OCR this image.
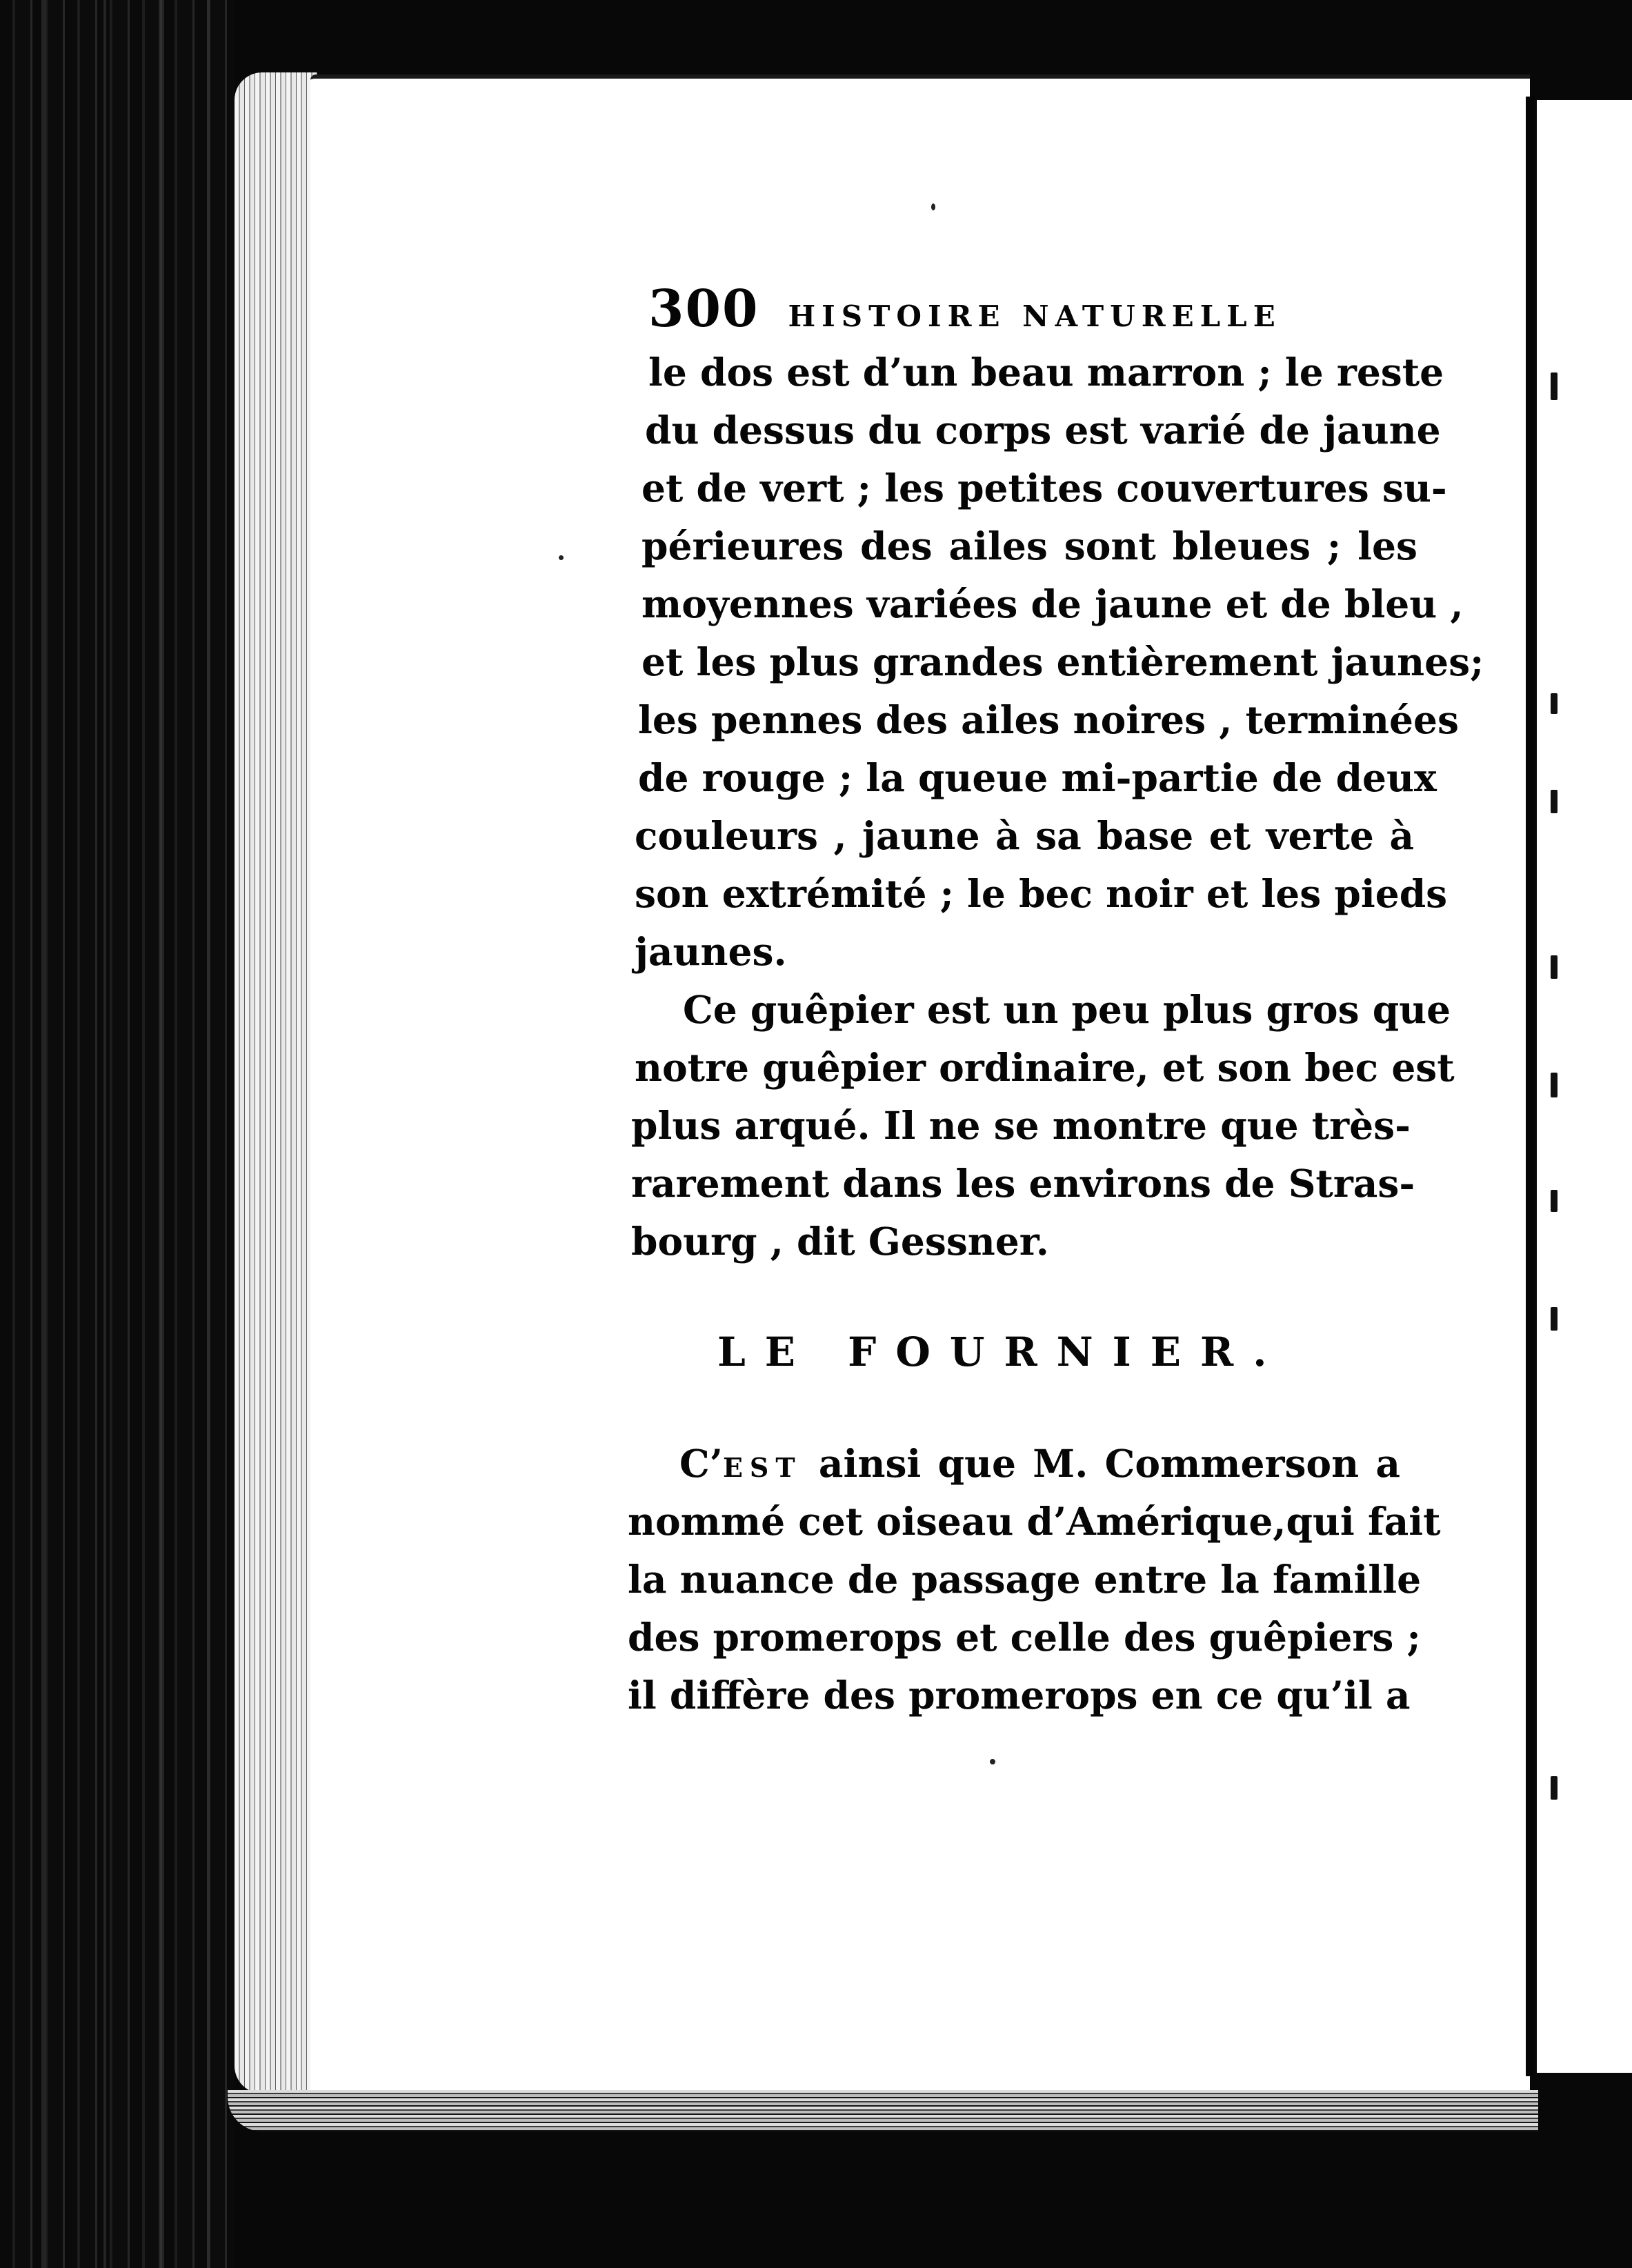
300 HISTOIRE NATURELLE
le dos est d’un beau marron ; le reste
du dessus du corps est varié de jaune
et de vert ; les petites couvertures su-
périeures des ailes sont bleues ; les
moyennes variées de jaune et de bleu ,
et les plus grandes entièrement jaunes;
les pennes des ailes noires , terminées
de rouge ; la queue mi-partie de deux
couleurs , jaune à sa base et verte à
son extrémité ; le bec noir et les pieds
jaunes.
Ce guêpier est un peu plus gros que
notre guêpier ordinaire, et son bec est
plus arqué. Il ne se montre que très-
rarement dans les environs de Stras-
bourg , dit Gessner.
LE FOURNIER.
C’EST ainsi que M. Commerson a
nommé cet oiseau d’Amérique,qui fait
la nuance de passage entre la famille
des promerops et celle des guêpiers ;
il diffère des promerops en ce qu’il a
